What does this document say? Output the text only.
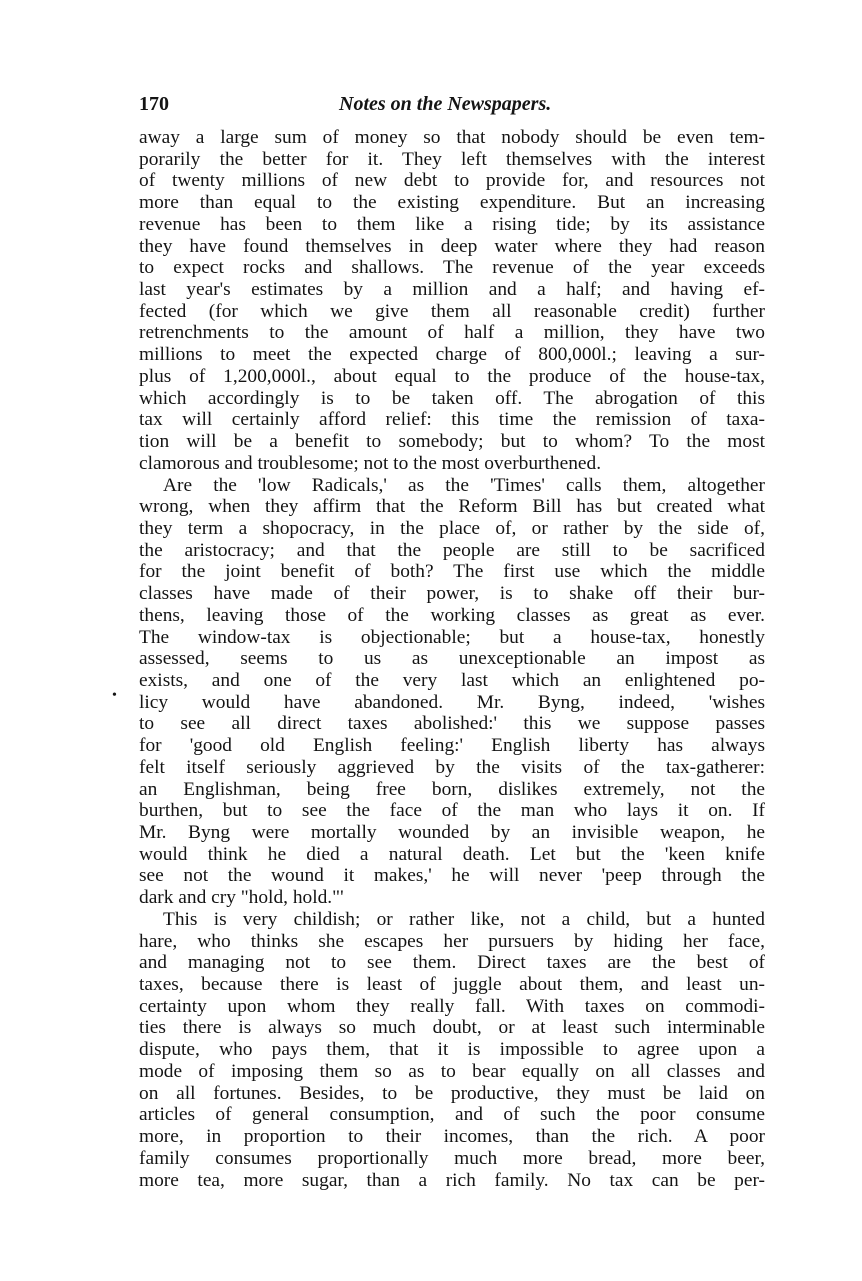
170	Notes on the Newspapers.
•
away a large sum of money so that nobody should be even tem-
porarily the better for it. They left themselves with the interest
of twenty millions of new debt to provide for, and resources not
more than equal to the existing expenditure. But an increasing
revenue has been to them like a rising tide; by its assistance
they have found themselves in deep water where they had reason
to expect rocks and shallows. The revenue of the year exceeds
last year's estimates by a million and a half; and having ef-
fected (for which we give them all reasonable credit) further
retrenchments to the amount of half a million, they have two
millions to meet the expected charge of 800,000l.; leaving a sur-
plus of 1,200,000l., about equal to the produce of the house-tax,
which accordingly is to be taken off. The abrogation of this
tax will certainly afford relief: this time the remission of taxa-
tion will be a benefit to somebody; but to whom? To the most
clamorous and troublesome; not to the most overburthened.
Are the 'low Radicals,' as the 'Times' calls them, altogether
wrong, when they affirm that the Reform Bill has but created what
they term a shopocracy, in the place of, or rather by the side of,
the aristocracy; and that the people are still to be sacrificed
for the joint benefit of both? The first use which the middle
classes have made of their power, is to shake off their bur-
thens, leaving those of the working classes as great as ever.
The window-tax is objectionable; but a house-tax, honestly
assessed, seems to us as unexceptionable an impost as
exists, and one of the very last which an enlightened po-
licy would have abandoned. Mr. Byng, indeed, 'wishes
to see all direct taxes abolished:' this we suppose passes
for 'good old English feeling:' English liberty has always
felt itself seriously aggrieved by the visits of the tax-gatherer:
an Englishman, being free born, dislikes extremely, not the
burthen, but to see the face of the man who lays it on. If
Mr. Byng were mortally wounded by an invisible weapon, he
would think he died a natural death. Let but the 'keen knife
see not the wound it makes,' he will never 'peep through the
dark and cry "hold, hold."'
This is very childish; or rather like, not a child, but a hunted
hare, who thinks she escapes her pursuers by hiding her face,
and managing not to see them. Direct taxes are the best of
taxes, because there is least of juggle about them, and least un-
certainty upon whom they really fall. With taxes on commodi-
ties there is always so much doubt, or at least such interminable
dispute, who pays them, that it is impossible to agree upon a
mode of imposing them so as to bear equally on all classes and
on all fortunes. Besides, to be productive, they must be laid on
articles of general consumption, and of such the poor consume
more, in proportion to their incomes, than the rich. A poor
family consumes proportionally much more bread, more beer,
more tea, more sugar, than a rich family. No tax can be per-
